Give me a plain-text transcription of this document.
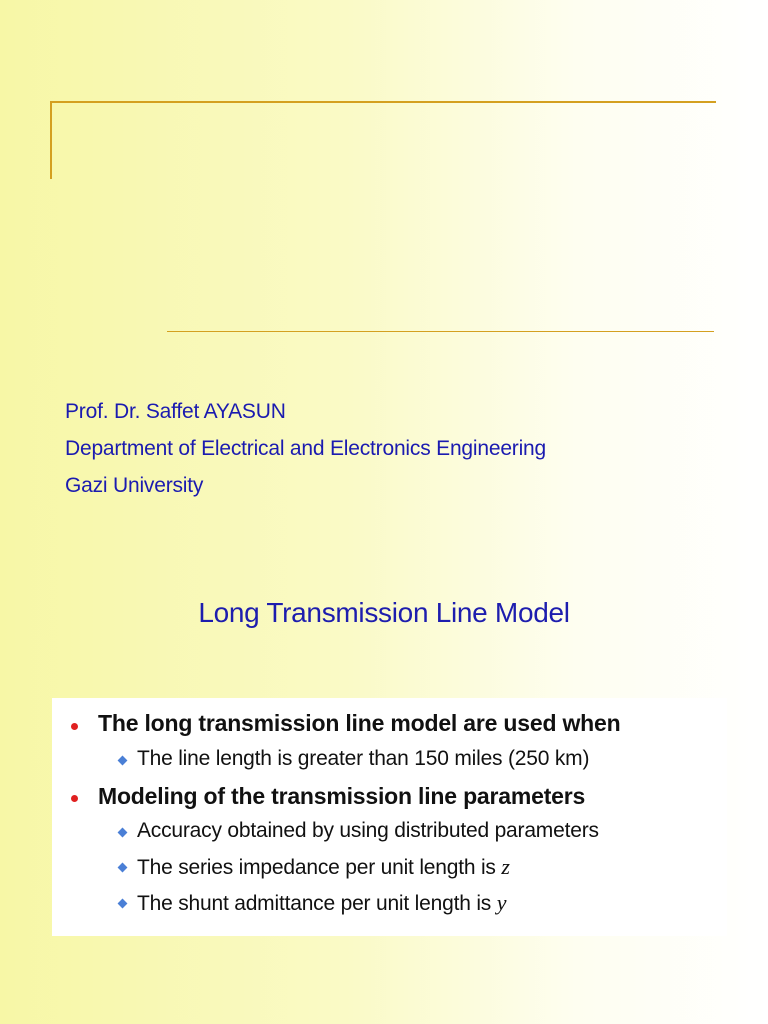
Prof. Dr. Saffet AYASUN
Department of Electrical and Electronics Engineering
Gazi University
Long Transmission Line Model
The long transmission line model are used when
The line length is greater than 150 miles (250 km)
Modeling of the transmission line parameters
Accuracy obtained by using distributed parameters
The series impedance per unit length is z
The shunt admittance per unit length is y
